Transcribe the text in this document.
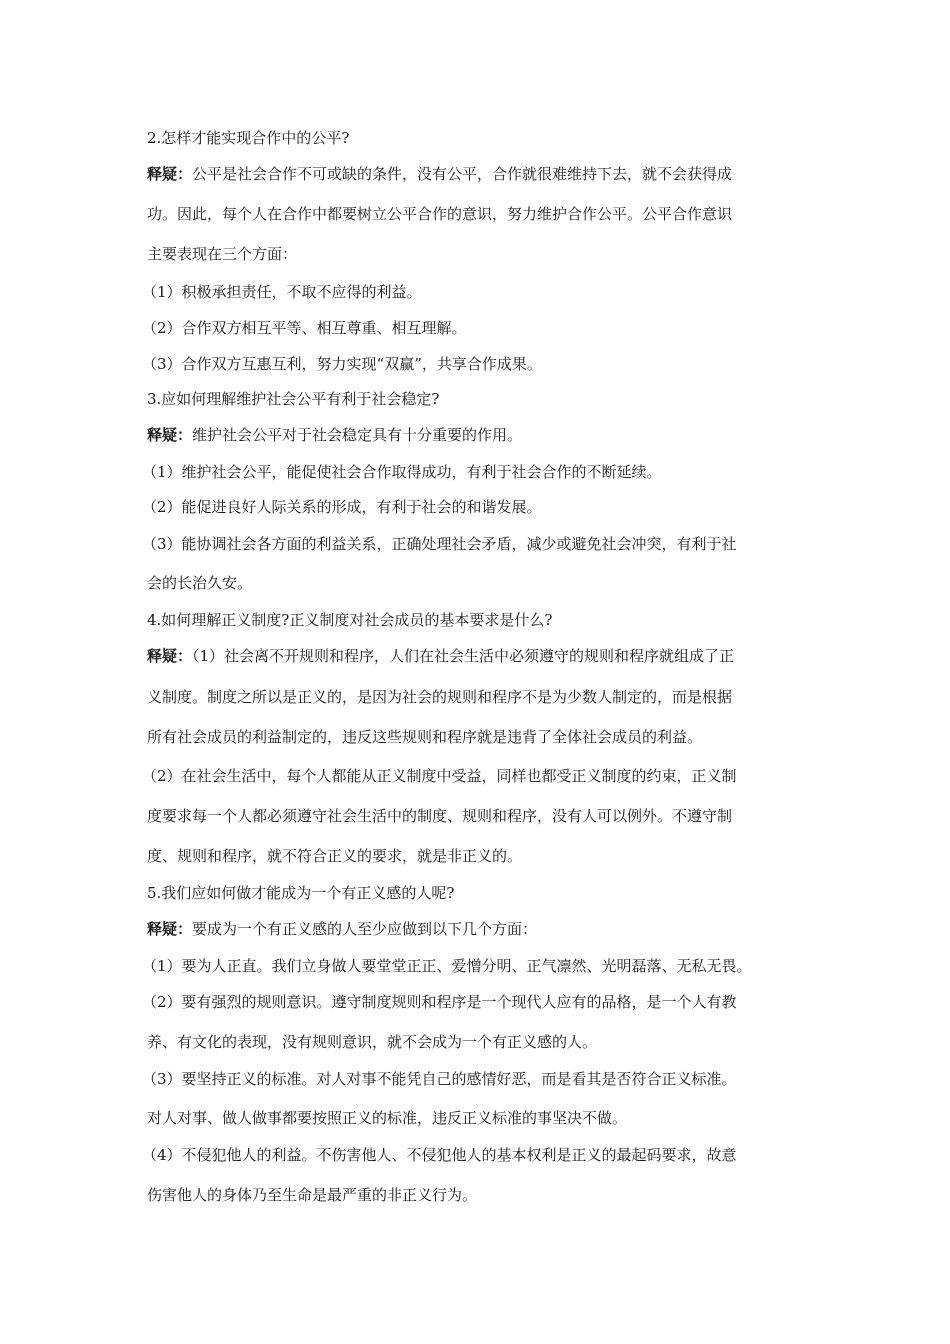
2.怎样才能实现合作中的公平?
释疑：公平是社会合作不可或缺的条件，没有公平，合作就很难维持下去，就不会获得成
功。因此，每个人在合作中都要树立公平合作的意识，努力维护合作公平。公平合作意识
主要表现在三个方面：
（1）积极承担责任，不取不应得的利益。
（2）合作双方相互平等、相互尊重、相互理解。
（3）合作双方互惠互利，努力实现“双赢”，共享合作成果。
3.应如何理解维护社会公平有利于社会稳定?
释疑：维护社会公平对于社会稳定具有十分重要的作用。
（1）维护社会公平，能促使社会合作取得成功，有利于社会合作的不断延续。
（2）能促进良好人际关系的形成，有利于社会的和谐发展。
（3）能协调社会各方面的利益关系，正确处理社会矛盾，减少或避免社会冲突，有利于社
会的长治久安。
4.如何理解正义制度?正义制度对社会成员的基本要求是什么?
释疑：（1）社会离不开规则和程序，人们在社会生活中必须遵守的规则和程序就组成了正
义制度。制度之所以是正义的，是因为社会的规则和程序不是为少数人制定的，而是根据
所有社会成员的利益制定的，违反这些规则和程序就是违背了全体社会成员的利益。
（2）在社会生活中，每个人都能从正义制度中受益，同样也都受正义制度的约束，正义制
度要求每一个人都必须遵守社会生活中的制度、规则和程序，没有人可以例外。不遵守制
度、规则和程序，就不符合正义的要求，就是非正义的。
5.我们应如何做才能成为一个有正义感的人呢?
释疑：要成为一个有正义感的人至少应做到以下几个方面：
（1）要为人正直。我们立身做人要堂堂正正、爱憎分明、正气凛然、光明磊落、无私无畏。
（2）要有强烈的规则意识。遵守制度规则和程序是一个现代人应有的品格，是一个人有教
养、有文化的表现，没有规则意识，就不会成为一个有正义感的人。
（3）要坚持正义的标准。对人对事不能凭自己的感情好恶，而是看其是否符合正义标准。
对人对事、做人做事都要按照正义的标准，违反正义标准的事坚决不做。
（4）不侵犯他人的利益。不伤害他人、不侵犯他人的基本权利是正义的最起码要求，故意
伤害他人的身体乃至生命是最严重的非正义行为。
